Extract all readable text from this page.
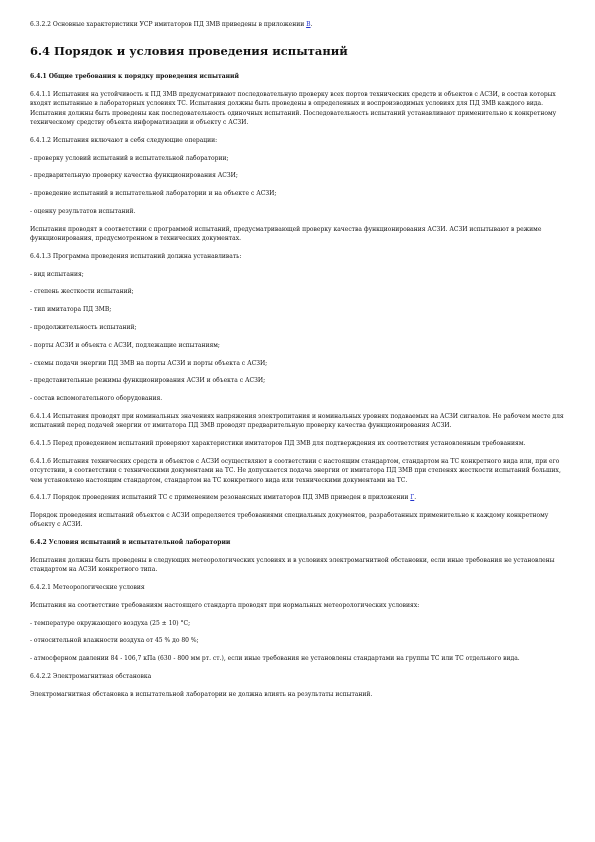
6.3.2.2 Основные характеристики УСР имитаторов ПД ЗМВ приведены в приложении В.

6.4 Порядок и условия проведения испытаний

6.4.1 Общие требования к порядку проведения испытаний

6.4.1.1 Испытания на устойчивость к ПД ЗМВ предусматривают последовательную проверку всех портов технических средств и объектов с АСЗИ, в состав которых входят испытанные в лабораторных условиях ТС. Испытания должны быть проведены в определенных и воспроизводимых условиях для ПД ЗМВ каждого вида. Испытания должны быть проведены как последовательность одиночных испытаний. Последовательность испытаний устанавливают применительно к конкретному техническому средству объекта информатизации и объекту с АСЗИ.

6.4.1.2 Испытания включают в себя следующие операции:

- проверку условий испытаний в испытательной лаборатории;

- предварительную проверку качества функционирования АСЗИ;

- проведение испытаний в испытательной лаборатории и на объекте с АСЗИ;

- оценку результатов испытаний.

Испытания проводят в соответствии с программой испытаний, предусматривающей проверку качества функционирования АСЗИ. АСЗИ испытывают в режиме функционирования, предусмотренном в технических документах.

6.4.1.3 Программа проведения испытаний должна устанавливать:

- вид испытания;

- степень жесткости испытаний;

- тип имитатора ПД ЗМВ;

- продолжительность испытаний;

- порты АСЗИ и объекта с АСЗИ, подлежащие испытаниям;

- схемы подачи энергии ПД ЗМВ на порты АСЗИ и порты объекта с АСЗИ;

- представительные режимы функционирования АСЗИ и объекта с АСЗИ;

- состав вспомогательного оборудования.

6.4.1.4 Испытания проводят при номинальных значениях напряжения электропитания и номинальных уровнях подаваемых на АСЗИ сигналов. Не рабочем месте для испытаний перед подачей энергии от имитатора ПД ЗМВ проводят предварительную проверку качества функционирования АСЗИ.

6.4.1.5 Перед проведением испытаний проверяют характеристики имитаторов ПД ЗМВ для подтверждения их соответствия установленным требованиям.

6.4.1.6 Испытания технических средств и объектов с АСЗИ осуществляют в соответствии с настоящим стандартом, стандартом на ТС конкретного вида или, при его отсутствии, в соответствии с техническими документами на ТС. Не допускается подача энергии от имитатора ПД ЗМВ при степенях жесткости испытаний больших, чем установлено настоящим стандартом, стандартом на ТС конкретного вида или техническими документами на ТС.

6.4.1.7 Порядок проведения испытаний ТС с применением резонансных имитаторов ПД ЗМВ приведен в приложении Г.

Порядок проведения испытаний объектов с АСЗИ определяется требованиями специальных документов, разработанных применительно к каждому конкретному объекту с АСЗИ.

6.4.2 Условия испытаний в испытательной лаборатории

Испытания должны быть проведены в следующих метеорологических условиях и в условиях электромагнитной обстановки, если иные требования не установлены стандартом на АСЗИ конкретного типа.

6.4.2.1 Метеорологические условия

Испытания на соответствие требованиям настоящего стандарта проводят при нормальных метеорологических условиях:

- температуре окружающего воздуха (25 ± 10) °С;

- относительной влажности воздуха от 45 % до 80 %;

- атмосферном давлении 84 - 106,7 кПа (630 - 800 мм рт. ст.), если иные требования не установлены стандартами на группы ТС или ТС отдельного вида.

6.4.2.2 Электромагнитная обстановка

Электромагнитная обстановка в испытательной лаборатории не должна влиять на результаты испытаний.
